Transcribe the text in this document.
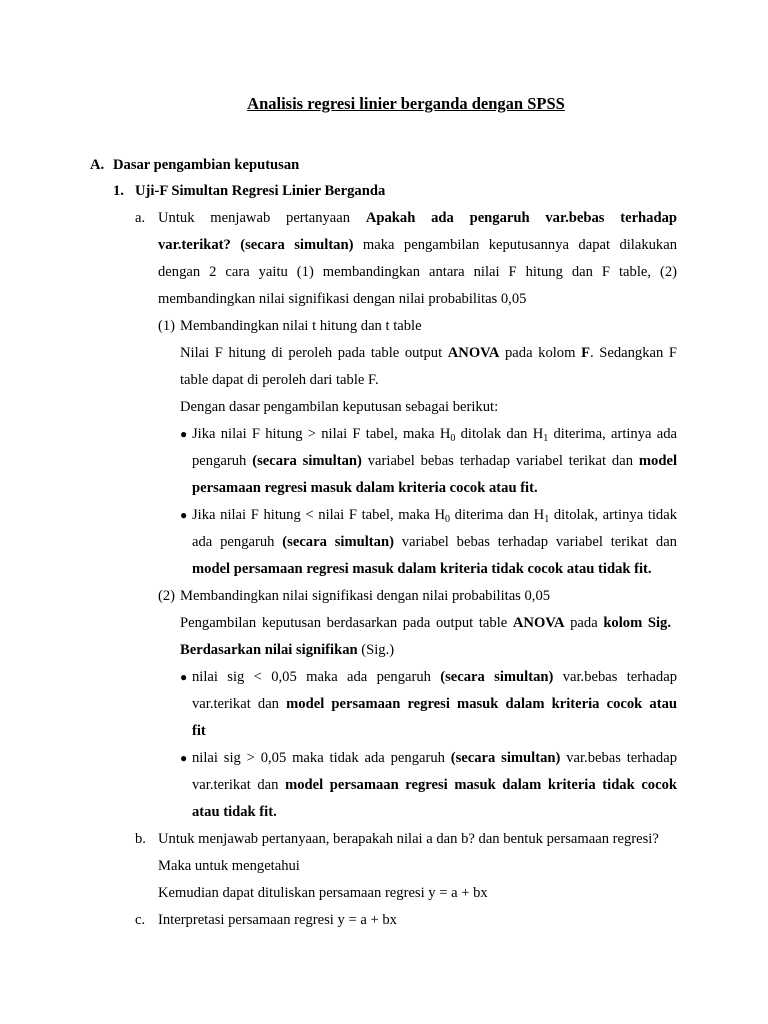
Analisis regresi linier berganda dengan SPSS
A. Dasar pengambian keputusan
1. Uji-F Simultan Regresi Linier Berganda
a. Untuk menjawab pertanyaan Apakah ada pengaruh var.bebas terhadap
var.terikat? (secara simultan) maka pengambilan keputusannya dapat dilakukan
dengan 2 cara yaitu (1) membandingkan antara nilai F hitung dan F table, (2)
membandingkan nilai signifikasi dengan nilai probabilitas 0,05
(1) Membandingkan nilai t hitung dan t table
Nilai F hitung di peroleh pada table output ANOVA pada kolom F. Sedangkan F
table dapat di peroleh dari table F.
Dengan dasar pengambilan keputusan sebagai berikut:
● Jika nilai F hitung > nilai F tabel, maka $H_0$ ditolak dan $H_1$ diterima, artinya ada
pengaruh (secara simultan) variabel bebas terhadap variabel terikat dan model
persamaan regresi masuk dalam kriteria cocok atau fit.
● Jika nilai F hitung < nilai F tabel, maka $H_0$ diterima dan $H_1$ ditolak, artinya tidak
ada pengaruh (secara simultan) variabel bebas terhadap variabel terikat dan
model persamaan regresi masuk dalam kriteria tidak cocok atau tidak fit.
(2) Membandingkan nilai signifikasi dengan nilai probabilitas 0,05
Pengambilan keputusan berdasarkan pada output table ANOVA pada kolom Sig.
Berdasarkan nilai signifikan (Sig.)
● nilai sig < 0,05 maka ada pengaruh (secara simultan) var.bebas terhadap
var.terikat dan model persamaan regresi masuk dalam kriteria cocok atau
fit
● nilai sig > 0,05 maka tidak ada pengaruh (secara simultan) var.bebas terhadap
var.terikat dan model persamaan regresi masuk dalam kriteria tidak cocok
atau tidak fit.
b. Untuk menjawab pertanyaan, berapakah nilai a dan b? dan bentuk persamaan regresi?
Maka untuk mengetahui
Kemudian dapat dituliskan persamaan regresi y = a + bx
c. Interpretasi persamaan regresi y = a + bx
